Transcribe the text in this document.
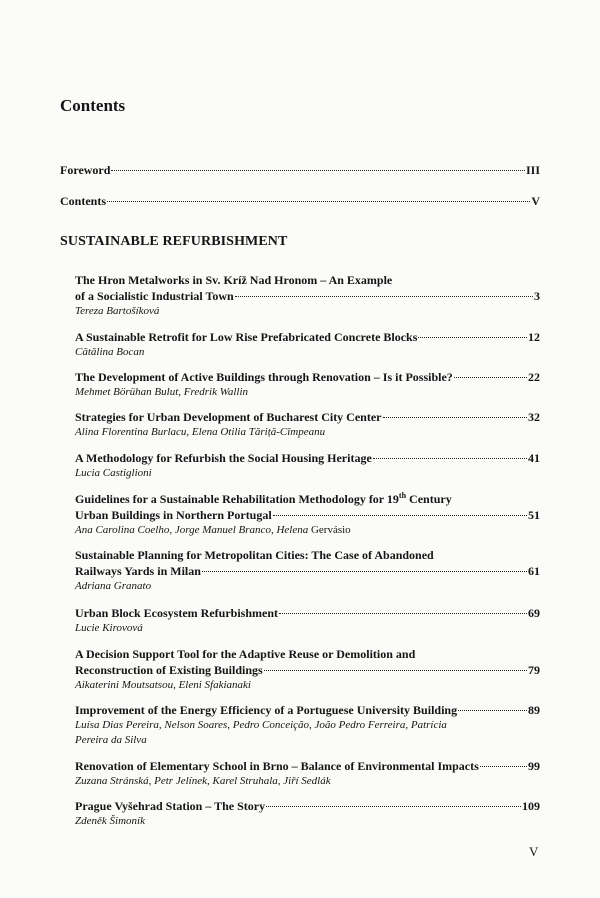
Contents
Foreword	III
Contents	V
SUSTAINABLE REFURBISHMENT
The Hron Metalworks in Sv. Kríž Nad Hronom – An Example
of a Socialistic Industrial Town	3
Tereza Bartošíková
A Sustainable Retrofit for Low Rise Prefabricated Concrete Blocks	12
Cătălina Bocan
The Development of Active Buildings through Renovation – Is it Possible?	22
Mehmet Börühan Bulut, Fredrik Wallin
Strategies for Urban Development of Bucharest City Center	32
Alina Florentina Burlacu, Elena Otilia Tăriță-Cîmpeanu
A Methodology for Refurbish the Social Housing Heritage	41
Lucia Castiglioni
Guidelines for a Sustainable Rehabilitation Methodology for 19th Century
Urban Buildings in Northern Portugal	51
Ana Carolina Coelho, Jorge Manuel Branco, Helena Gervásio
Sustainable Planning for Metropolitan Cities: The Case of Abandoned
Railways Yards in Milan	61
Adriana Granato
Urban Block Ecosystem Refurbishment	69
Lucie Kirovová
A Decision Support Tool for the Adaptive Reuse or Demolition and
Reconstruction of Existing Buildings	79
Aikaterini Moutsatsou, Eleni Sfakianaki
Improvement of the Energy Efficiency of a Portuguese University Building	89
Luísa Dias Pereira, Nelson Soares, Pedro Conceição, João Pedro Ferreira, Patrícia
Pereira da Silva
Renovation of Elementary School in Brno – Balance of Environmental Impacts	99
Zuzana Stránská, Petr Jelínek, Karel Struhala, Jiří Sedlák
Prague Vyšehrad Station – The Story	109
Zdeněk Šimoník
V
